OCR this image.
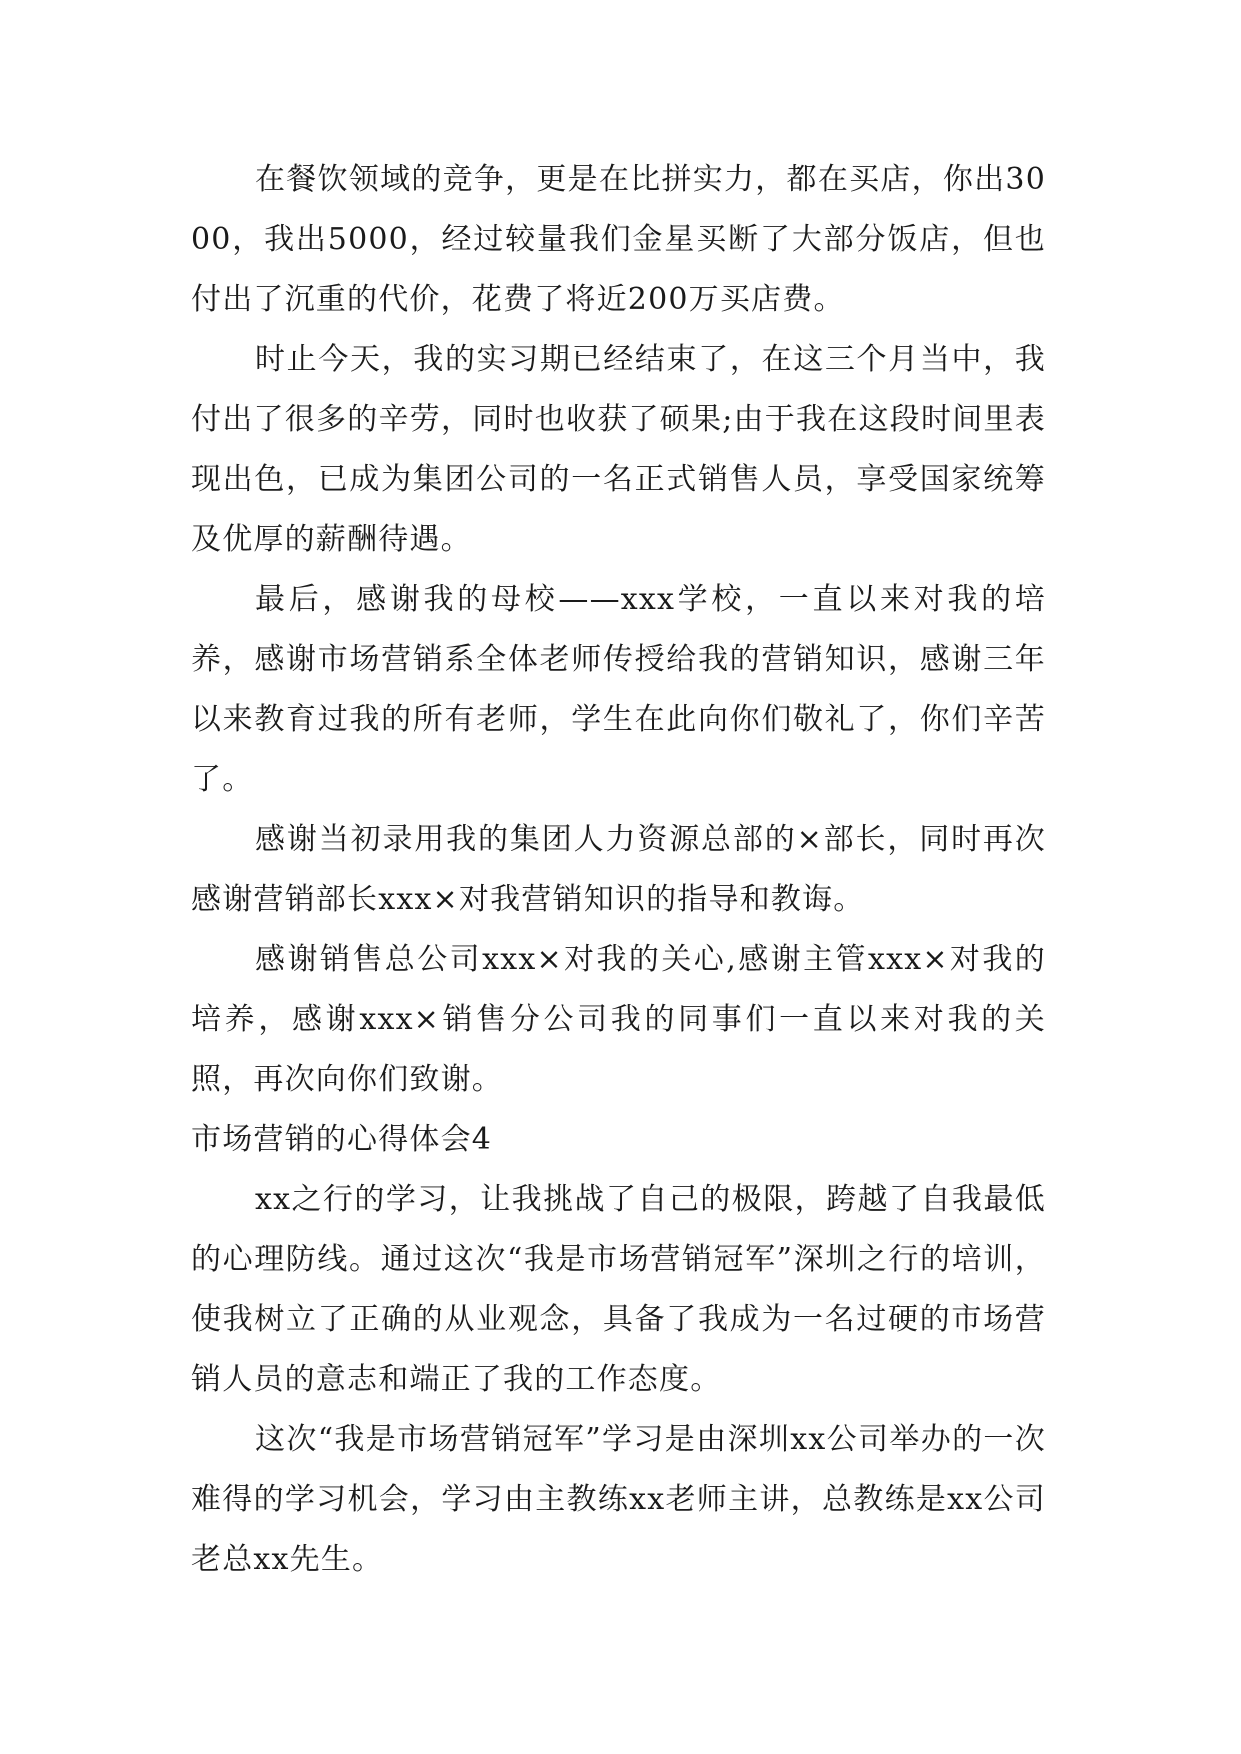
在餐饮领域的竞争，更是在比拼实力，都在买店，你出3000，我出5000，经过较量我们金星买断了大部分饭店，但也付出了沉重的代价，花费了将近200万买店费。

时止今天，我的实习期已经结束了，在这三个月当中，我付出了很多的辛劳，同时也收获了硕果;由于我在这段时间里表现出色，已成为集团公司的一名正式销售人员，享受国家统筹及优厚的薪酬待遇。

最后，感谢我的母校——xxx学校，一直以来对我的培养，感谢市场营销系全体老师传授给我的营销知识，感谢三年以来教育过我的所有老师，学生在此向你们敬礼了，你们辛苦了。

感谢当初录用我的集团人力资源总部的×部长，同时再次感谢营销部长xxx×对我营销知识的指导和教诲。

感谢销售总公司xxx×对我的关心,感谢主管xxx×对我的培养，感谢xxx×销售分公司我的同事们一直以来对我的关照，再次向你们致谢。

市场营销的心得体会4

xx之行的学习，让我挑战了自己的极限，跨越了自我最低的心理防线。通过这次“我是市场营销冠军”深圳之行的培训，使我树立了正确的从业观念，具备了我成为一名过硬的市场营销人员的意志和端正了我的工作态度。

这次“我是市场营销冠军”学习是由深圳xx公司举办的一次难得的学习机会，学习由主教练xx老师主讲，总教练是xx公司老总xx先生。
